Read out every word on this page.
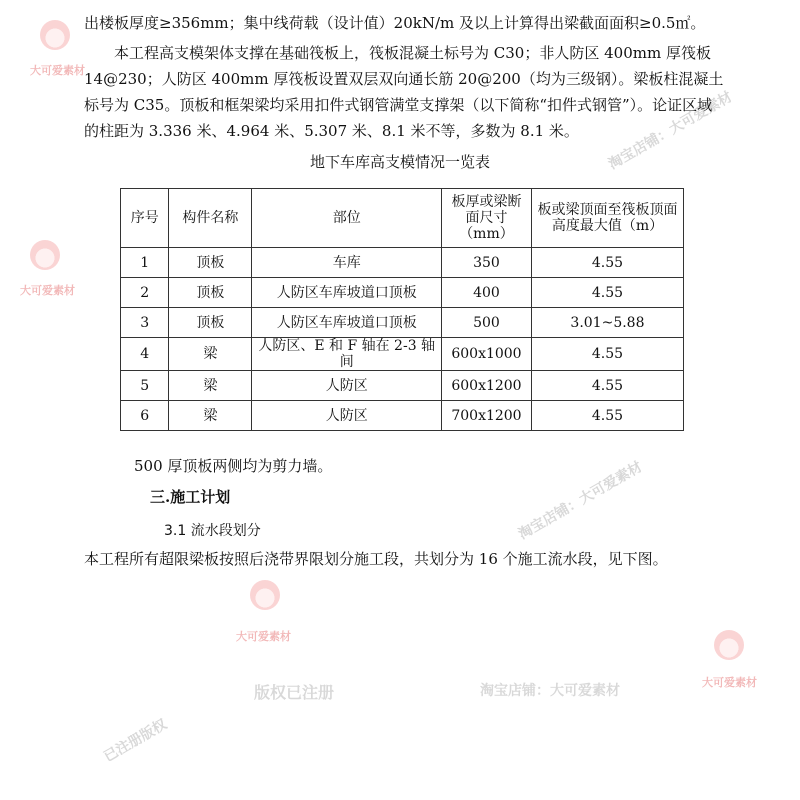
大可爱素材
大可爱素材
大可爱素材
大可爱素材
淘宝店铺：大可爱素材
淘宝店铺：大可爱素材
淘宝店铺：大可爱素材
版权已注册
已注册版权

出楼板厚度≥356mm；集中线荷载（设计值）20kN/m 及以上计算得出梁截面面积≥0.5㎡。

本工程高支模架体支撑在基础筏板上，筏板混凝土标号为 C30；非人防区 400mm 厚筏板 14@230；人防区 400mm 厚筏板设置双层双向通长筋 20@200（均为三级钢）。梁板柱混凝土标号为 C35。顶板和框架梁均采用扣件式钢管满堂支撑架（以下简称“扣件式钢管”）。论证区域的柱距为 3.336 米、4.964 米、5.307 米、8.1 米不等，多数为 8.1 米。

地下车库高支模情况一览表
序号	构件名称	部位	板厚或梁断面尺寸（mm）	板或梁顶面至筏板顶面高度最大值（m）
1	顶板	车库	350	4.55
2	顶板	人防区车库坡道口顶板	400	4.55
3	顶板	人防区车库坡道口顶板	500	3.01~5.88
4	梁	人防区、E 和 F 轴在 2-3 轴间	600x1000	4.55
5	梁	人防区	600x1200	4.55
6	梁	人防区	700x1200	4.55
500 厚顶板两侧均为剪力墙。
三.施工计划
3.1 流水段划分
本工程所有超限梁板按照后浇带界限划分施工段，共划分为 16 个施工流水段，见下图。
